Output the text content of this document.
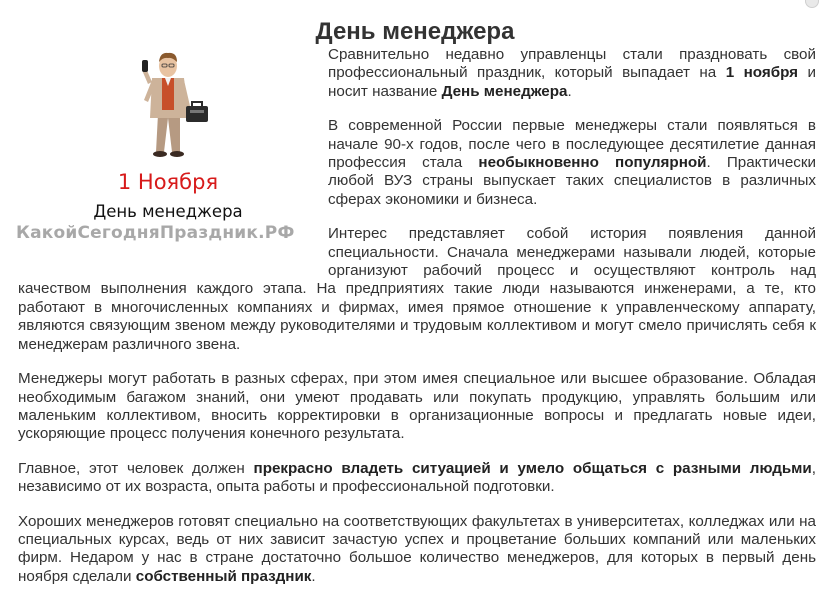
День менеджера
1 Ноября
День менеджера
КакойСегодняПраздник.РФ

Сравнительно недавно управленцы стали праздновать свой профессиональный праздник, который выпадает на 1 ноября и носит название День менеджера.

В современной России первые менеджеры стали появляться в начале 90-х годов, после чего в последующее десятилетие данная профессия стала необыкновенно популярной. Практически любой ВУЗ страны выпускает таких специалистов в различных сферах экономики и бизнеса.

Интерес представляет собой история появления данной специальности. Сначала менеджерами называли людей, которые организуют рабочий процесс и осуществляют контроль над качеством выполнения каждого этапа. На предприятиях такие люди называются инженерами, а те, кто работают в многочисленных компаниях и фирмах, имея прямое отношение к управленческому аппарату, являются связующим звеном между руководителями и трудовым коллективом и могут смело причислять себя к менеджерам различного звена.

Менеджеры могут работать в разных сферах, при этом имея специальное или высшее образование. Обладая необходимым багажом знаний, они умеют продавать или покупать продукцию, управлять большим или маленьким коллективом, вносить корректировки в организационные вопросы и предлагать новые идеи, ускоряющие процесс получения конечного результата.

Главное, этот человек должен прекрасно владеть ситуацией и умело общаться с разными людьми, независимо от их возраста, опыта работы и профессиональной подготовки.

Хороших менеджеров готовят специально на соответствующих факультетах в университетах, колледжах или на специальных курсах, ведь от них зависит зачастую успех и процветание больших компаний или маленьких фирм. Недаром у нас в стране достаточно большое количество менеджеров, для которых в первый день ноября сделали собственный праздник.
